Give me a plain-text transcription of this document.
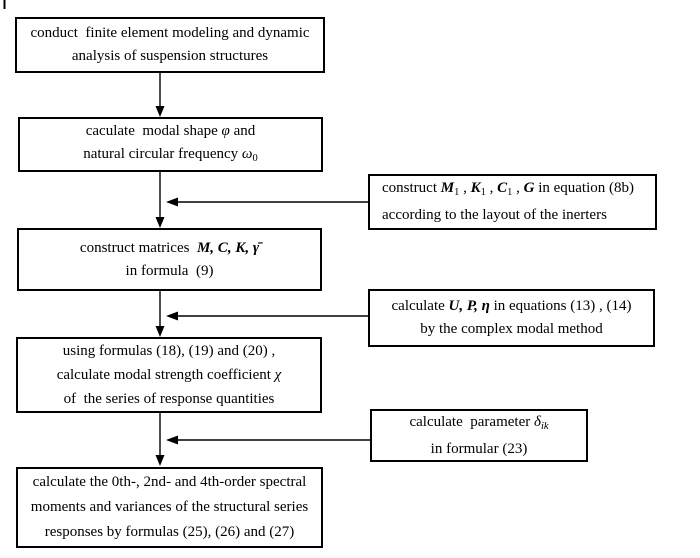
conduct  finite element modeling and dynamic
analysis of suspension structures
caculate  modal shape φ and
natural circular frequency $\omega_0$
construct matrices  M, C, K, γ̄
in formula  (9)
using formulas (18), (19) and (20) ,
calculate modal strength coefficient χ
of  the series of response quantities
calculate the 0th-, 2nd- and 4th-order spectral
moments and variances of the structural series
responses by formulas (25), (26) and (27)
construct $M_1$ , $K_1$ , $C_1$ , G in equation (8b)
according to the layout of the inerters
calculate U, P, η in equations (13) , (14)
by the complex modal method
calculate  parameter $\delta_{ik}$
in formular (23)
